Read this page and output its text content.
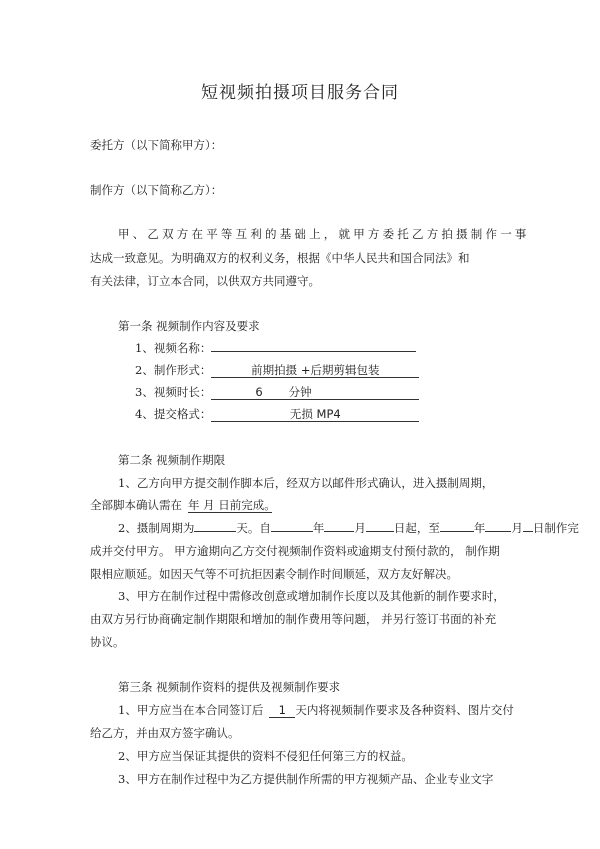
短视频拍摄项目服务合同
委托方（以下简称甲方）：
制作方（以下简称乙方）：
甲、乙双方在平等互利的基础上，就甲方委托乙方拍摄制作一事
达成一致意见。为明确双方的权利义务，根据《中华人民共和国合同法》和
有关法律，订立本合同，以供双方共同遵守。
第一条 视频制作内容及要求
1、视频名称：
2、制作形式：	前期拍摄 +后期剪辑包装
3、视频时长：	6 分钟
4、提交格式：	无损 MP4
第二条 视频制作期限
1、乙方向甲方提交制作脚本后，经双方以邮件形式确认，进入摄制周期，
全部脚本确认需在 年 月 日前完成。
2、摄制周期为	天。自	年	月 日起，至	年 月 日制作完
成并交付甲方。 甲方逾期向乙方交付视频制作资料或逾期支付预付款的， 制作期
限相应顺延。如因天气等不可抗拒因素令制作时间顺延，双方友好解决。
3、甲方在制作过程中需修改创意或增加制作长度以及其他新的制作要求时，
由双方另行协商确定制作期限和增加的制作费用等问题， 并另行签订书面的补充
协议。
第三条 视频制作资料的提供及视频制作要求
1、甲方应当在本合同签订后 1 天内将视频制作要求及各种资料、图片交付
给乙方，并由双方签字确认。
2、甲方应当保证其提供的资料不侵犯任何第三方的权益。
3、甲方在制作过程中为乙方提供制作所需的甲方视频产品、企业专业文字
